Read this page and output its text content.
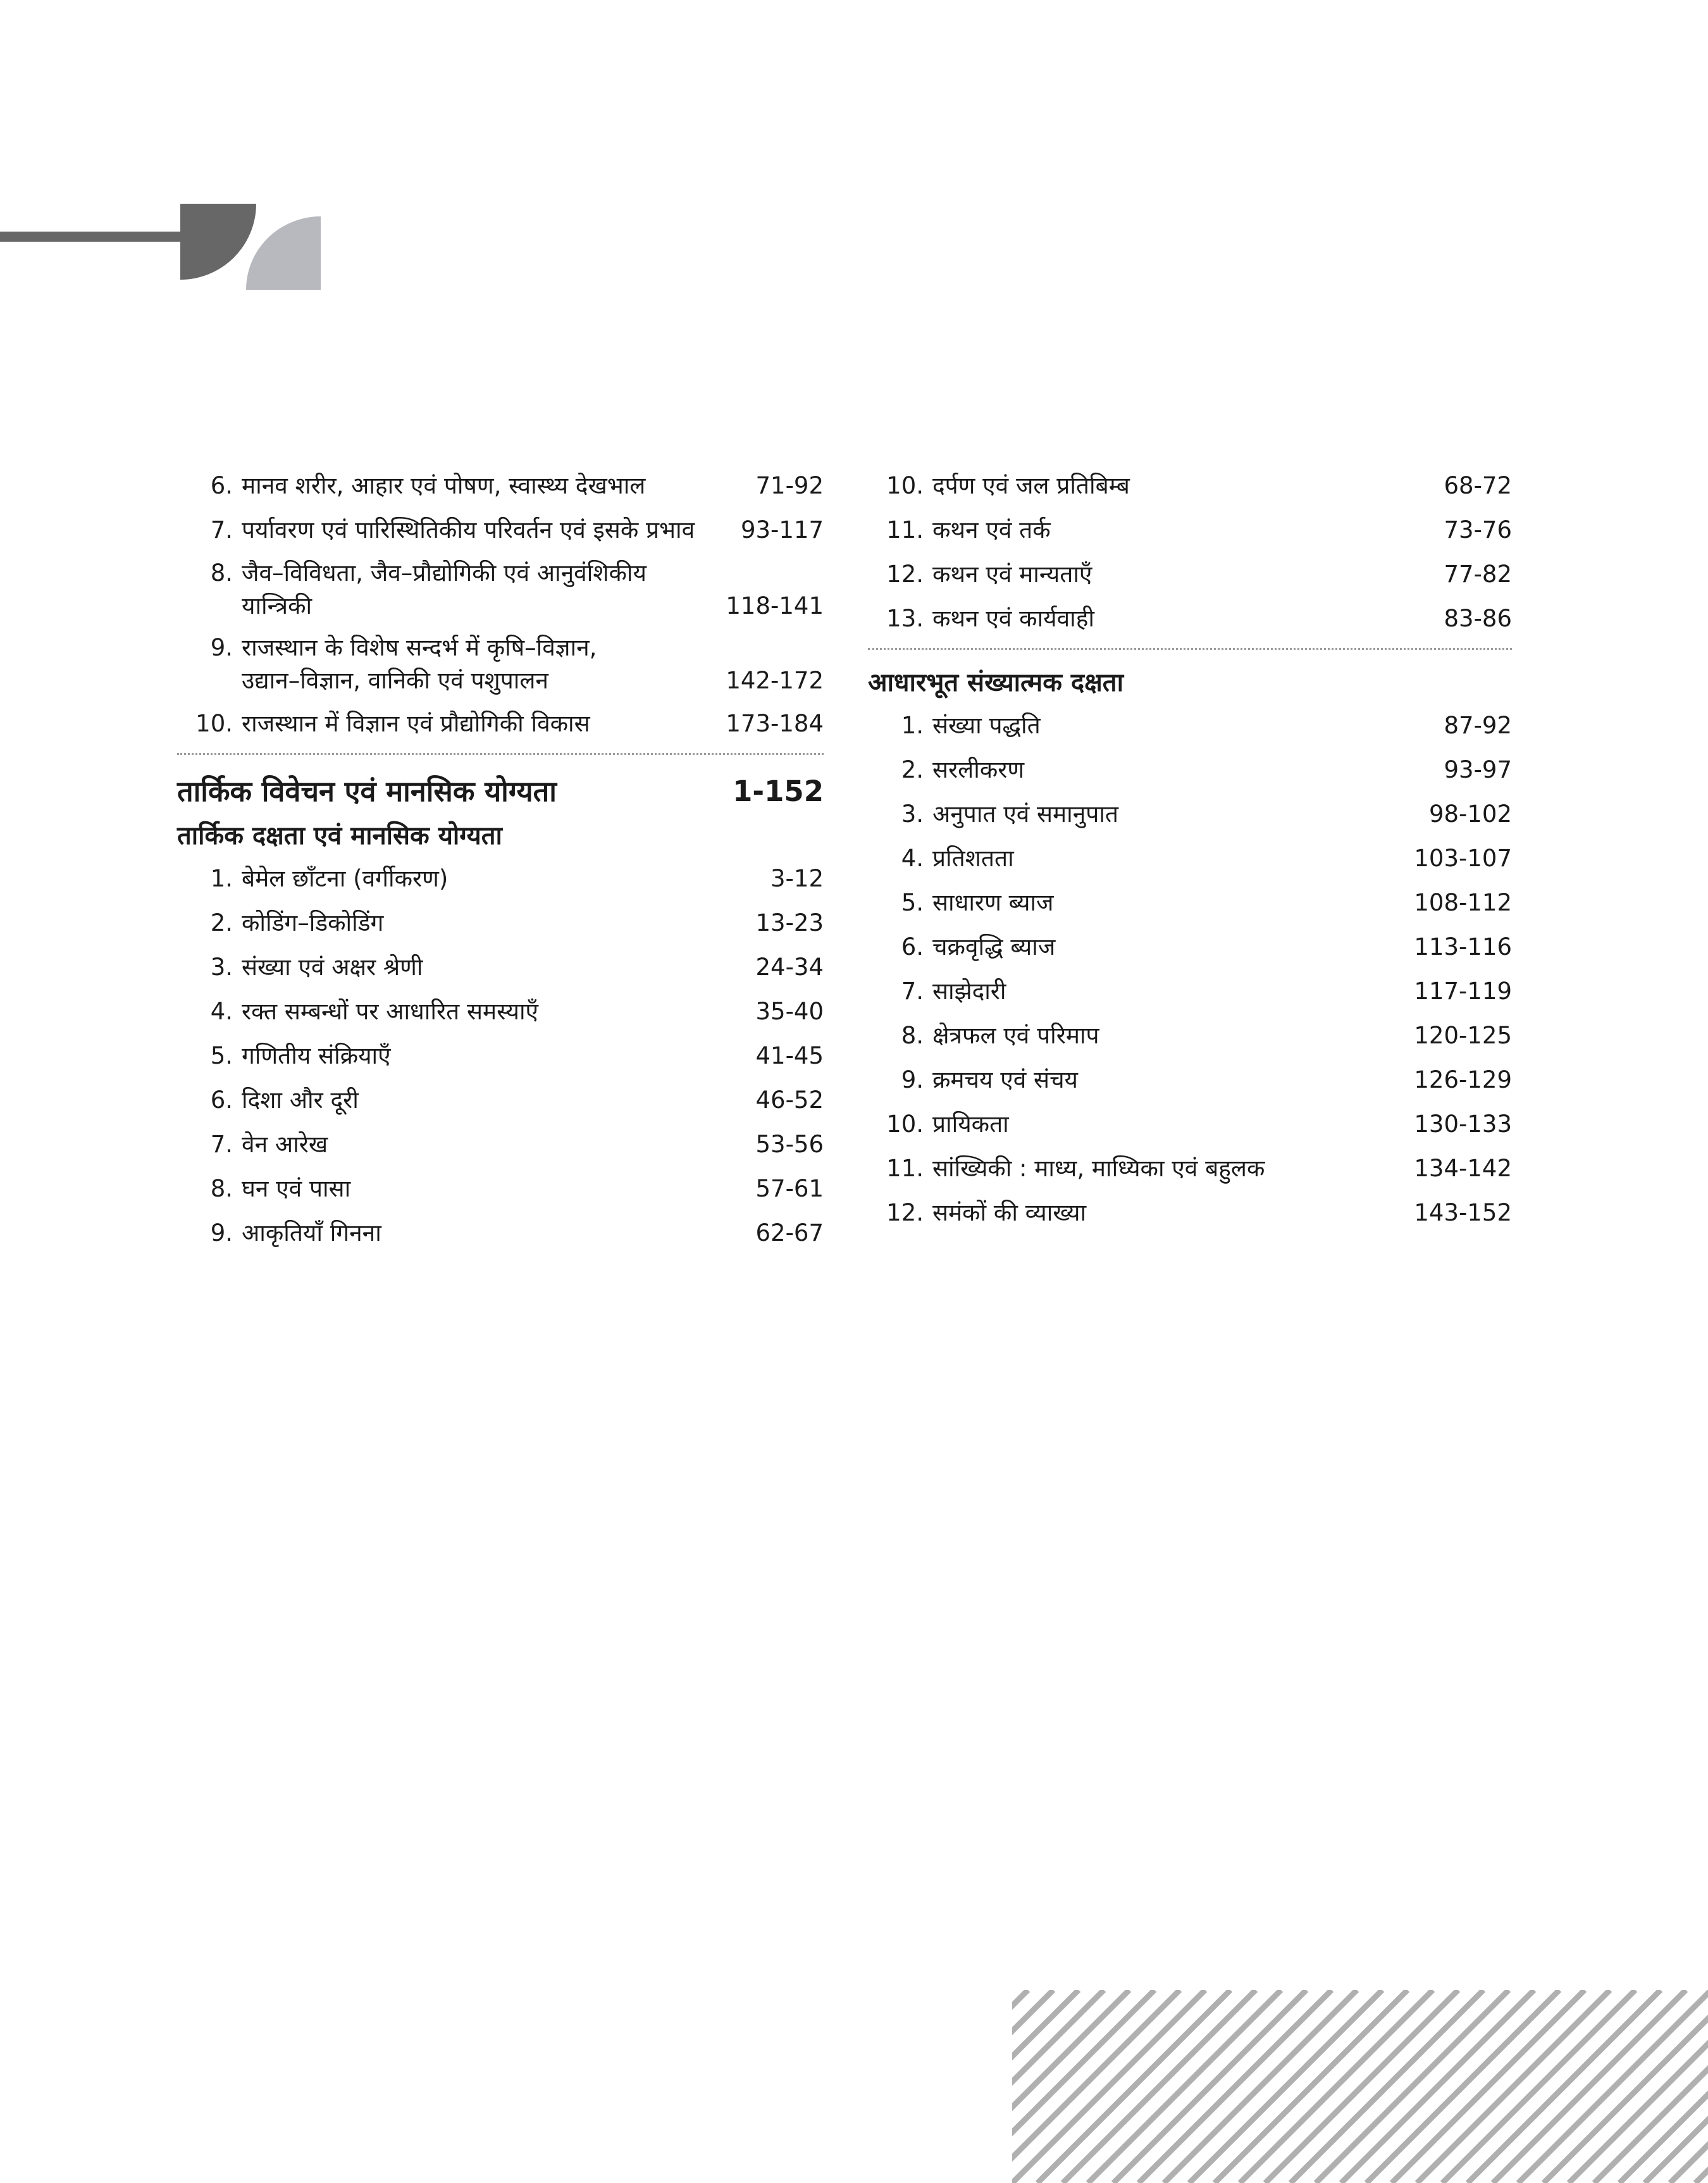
6. मानव शरीर, आहार एवं पोषण, स्वास्थ्य देखभाल	71-92
7. पर्यावरण एवं पारिस्थितिकीय परिवर्तन एवं इसके प्रभाव	93-117
8. जैव–विविधता, जैव–प्रौद्योगिकी एवं आनुवंशिकीय
यान्त्रिकी	118-141
9. राजस्थान के विशेष सन्दर्भ में कृषि–विज्ञान,
उद्यान–विज्ञान, वानिकी एवं पशुपालन	142-172
10. राजस्थान में विज्ञान एवं प्रौद्योगिकी विकास	173-184
तार्किक विवेचन एवं मानसिक योग्यता	1-152
तार्किक दक्षता एवं मानसिक योग्यता
1. बेमेल छाँटना (वर्गीकरण)	3-12
2. कोडिंग–डिकोडिंग	13-23
3. संख्या एवं अक्षर श्रेणी	24-34
4. रक्त सम्बन्धों पर आधारित समस्याएँ	35-40
5. गणितीय संक्रियाएँ	41-45
6. दिशा और दूरी	46-52
7. वेन आरेख	53-56
8. घन एवं पासा	57-61
9. आकृतियाँ गिनना	62-67
10. दर्पण एवं जल प्रतिबिम्ब	68-72
11. कथन एवं तर्क	73-76
12. कथन एवं मान्यताएँ	77-82
13. कथन एवं कार्यवाही	83-86
आधारभूत संख्यात्मक दक्षता
1. संख्या पद्धति	87-92
2. सरलीकरण	93-97
3. अनुपात एवं समानुपात	98-102
4. प्रतिशतता	103-107
5. साधारण ब्याज	108-112
6. चक्रवृद्धि ब्याज	113-116
7. साझेदारी	117-119
8. क्षेत्रफल एवं परिमाप	120-125
9. क्रमचय एवं संचय	126-129
10. प्रायिकता	130-133
11. सांख्यिकी : माध्य, माध्यिका एवं बहुलक	134-142
12. समंकों की व्याख्या	143-152
